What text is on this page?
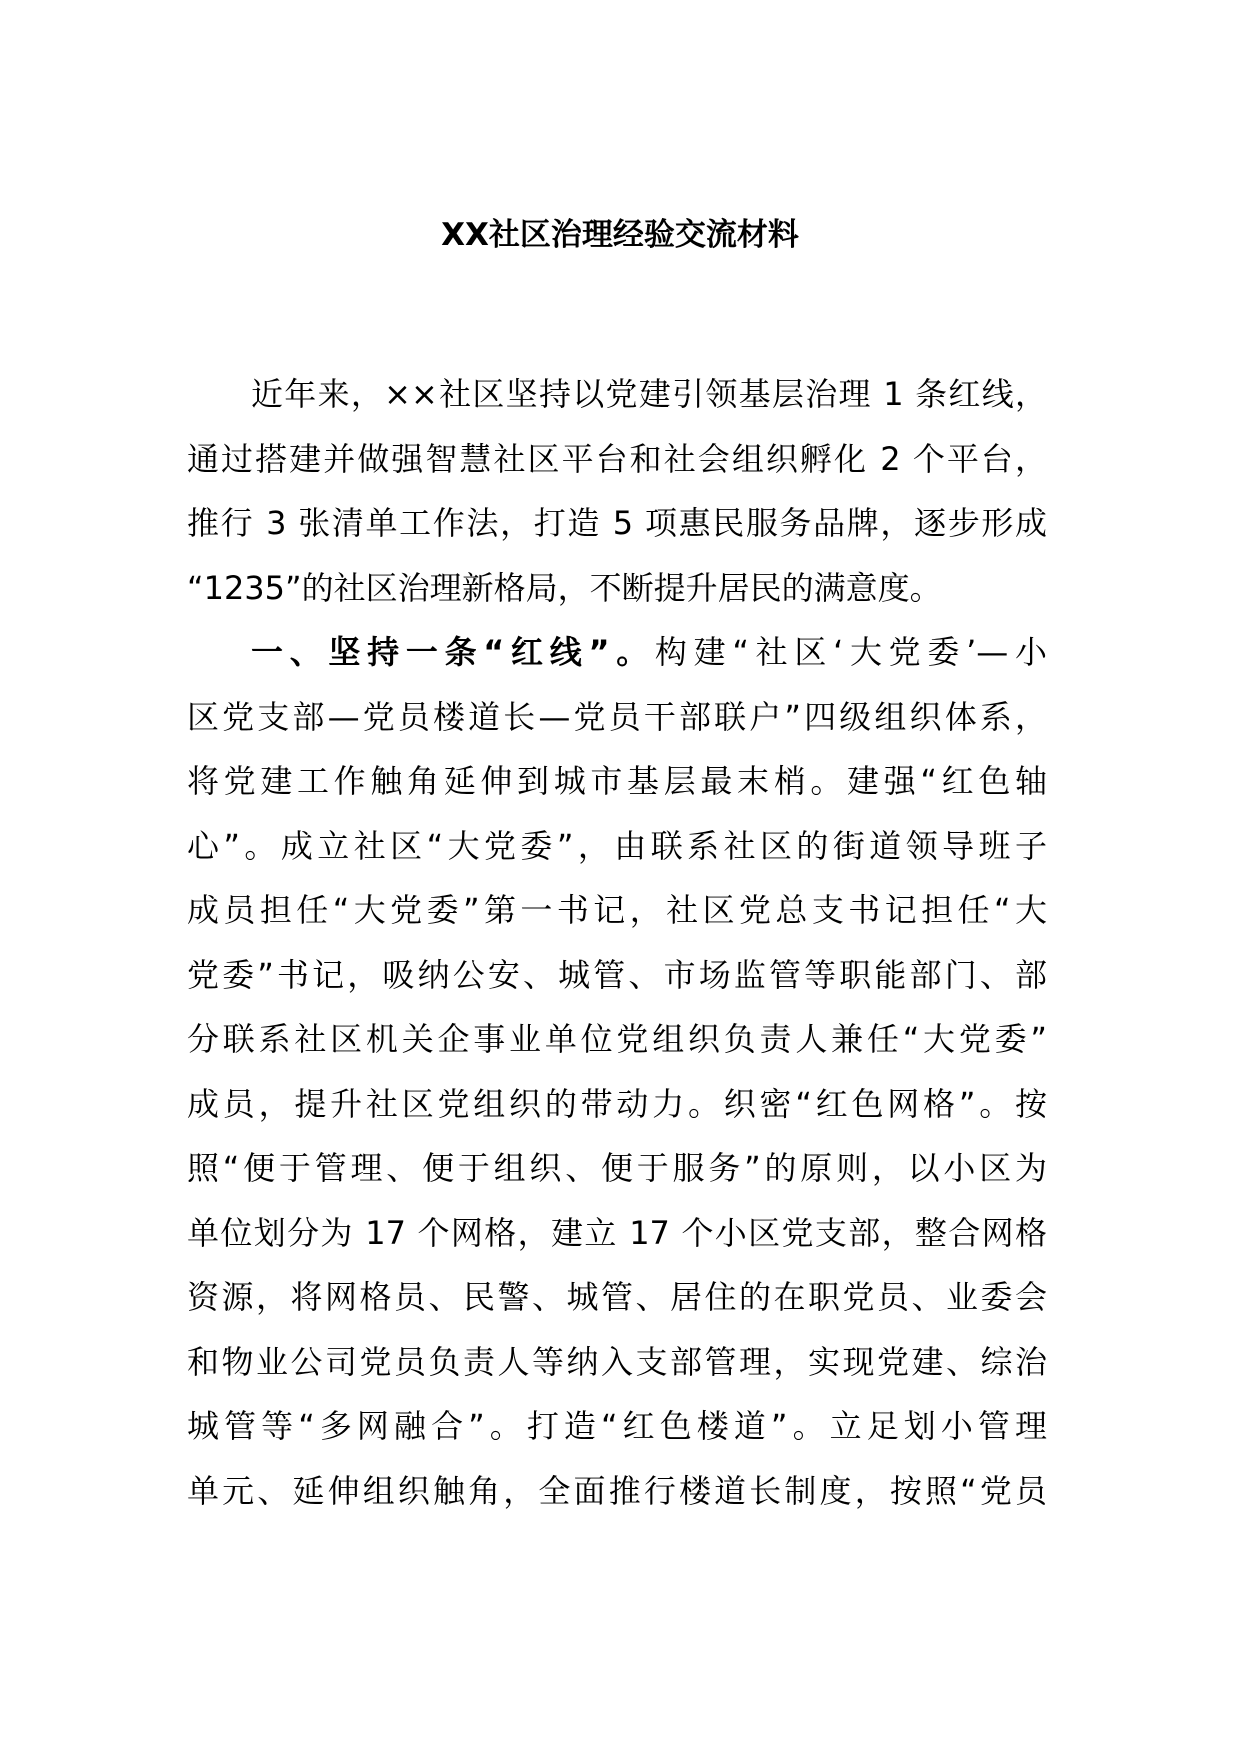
XX社区治理经验交流材料
近年来，××社区坚持以党建引领基层治理 1 条红线，
通过搭建并做强智慧社区平台和社会组织孵化 2 个平台，
推行 3 张清单工作法，打造 5 项惠民服务品牌，逐步形成
“1235”的社区治理新格局，不断提升居民的满意度。
一、坚持一条“红线”。构建“社区‘大党委’—小
区党支部—党员楼道长—党员干部联户”四级组织体系，
将党建工作触角延伸到城市基层最末梢。建强“红色轴
心”。成立社区“大党委”，由联系社区的街道领导班子
成员担任“大党委”第一书记，社区党总支书记担任“大
党委”书记，吸纳公安、城管、市场监管等职能部门、部
分联系社区机关企事业单位党组织负责人兼任“大党委”
成员，提升社区党组织的带动力。织密“红色网格”。按
照“便于管理、便于组织、便于服务”的原则，以小区为
单位划分为 17 个网格，建立 17 个小区党支部，整合网格
资源，将网格员、民警、城管、居住的在职党员、业委会
和物业公司党员负责人等纳入支部管理，实现党建、综治
城管等“多网融合”。打造“红色楼道”。立足划小管理
单元、延伸组织触角，全面推行楼道长制度，按照“党员
